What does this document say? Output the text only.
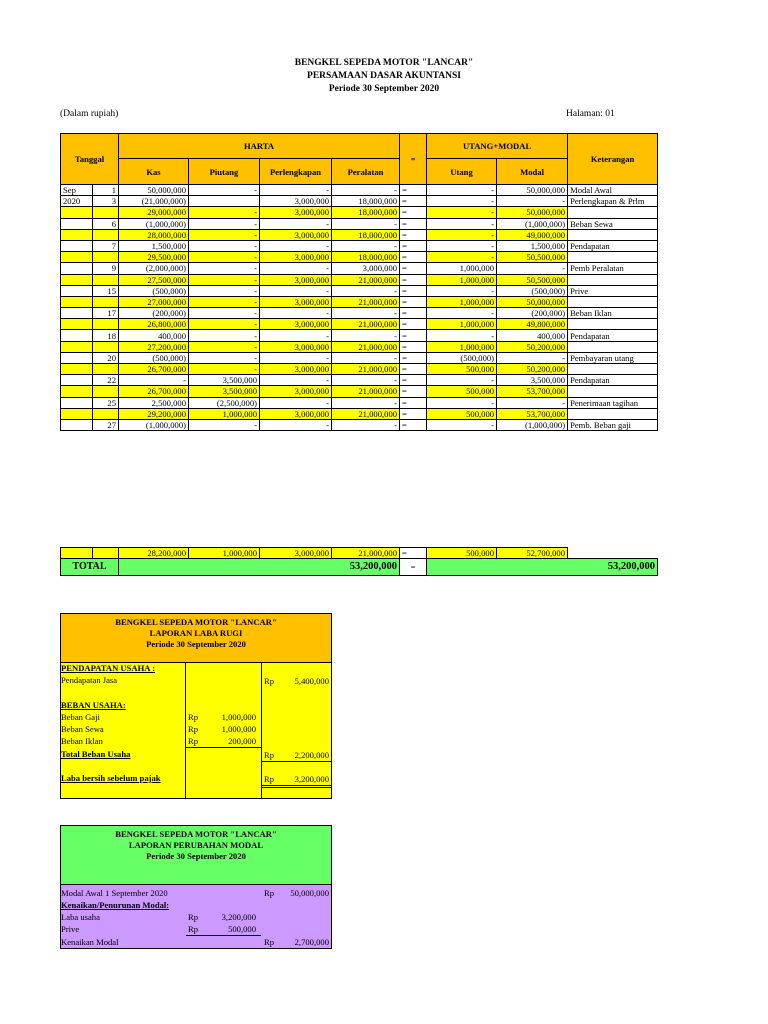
BENGKEL SEPEDA MOTOR "LANCAR"
PERSAMAAN DASAR AKUNTANSI
Periode 30 September 2020
(Dalam rupiah)	Halaman: 01
Tanggal		HARTA				=	UTANG+MODAL		Keterangan
		Kas	Piutang	Perlengkapan	Peralatan		Utang	Modal	
Sep	1	50,000,000	-	-	-	=	-	50,000,000	Modal Awal
2020	3	(21,000,000)		3,000,000	18,000,000	=	-	-	Perlengkapan & Prlm
		29,000,000	-	3,000,000	18,000,000	=	-	50,000,000	
	6	(1,000,000)	-	-	-	=	-	(1,000,000)	Beban Sewa
		28,000,000	-	3,000,000	18,000,000	=	-	49,000,000	
	7	1,500,000	-	-	-	=	-	1,500,000	Pendapatan
		29,500,000	-	3,000,000	18,000,000	=	-	50,500,000	
	9	(2,000,000)	-	-	3,000,000	=	1,000,000	-	Pemb Peralatan
		27,500,000	-	3,000,000	21,000,000	=	1,000,000	50,500,000	
	15	(500,000)	-	-	-	=	-	(500,000)	Prive
		27,000,000	-	3,000,000	21,000,000	=	1,000,000	50,000,000	
	17	(200,000)	-	-	-	=	-	(200,000)	Beban Iklan
		26,800,000	-	3,000,000	21,000,000	=	1,000,000	49,800,000	
	18	400,000	-	-	-	=	-	400,000	Pendapatan
		27,200,000	-	3,000,000	21,000,000	=	1,000,000	50,200,000	
	20	(500,000)	-	-	-	=	(500,000)	-	Pembayaran utang
		26,700,000	-	3,000,000	21,000,000	=	500,000	50,200,000	
	22	-	3,500,000	-	-	=	-	3,500,000	Pendapatan
		26,700,000	3,500,000	3,000,000	21,000,000	=	500,000	53,700,000	
	25	2,500,000	(2,500,000)	-	-	=	-	-	Penerimaan tagihan
		29,200,000	1,000,000	3,000,000	21,000,000	=	500,000	53,700,000	
	27	(1,000,000)	-	-	-	=	-	(1,000,000)	Pemb. Beban gaji
		28,200,000	1,000,000	3,000,000	21,000,000	=	500,000	52,700,000	
TOTAL		53,200,000				=	53,200,000		
BENGKEL SEPEDA MOTOR "LANCAR"
LAPORAN LABA RUGI
Periode 30 September 2020
PENDAPATAN USAHA :
Pendapatan Jasa	Rp	5,400,000
BEBAN USAHA:
Beban Gaji	Rp	1,000,000
Beban Sewa	Rp	1,000,000
Beban Iklan	Rp	200,000
Total Beban Usaha	Rp	2,200,000
Laba bersih sebelum pajak	Rp	3,200,000
BENGKEL SEPEDA MOTOR "LANCAR"
LAPORAN PERUBAHAN MODAL
Periode 30 September 2020
Modal Awal 1 September 2020	Rp	50,000,000
Kenaikan/Penurunan Modal:
Laba usaha	Rp	3,200,000
Prive	Rp	500,000
Kenaikan Modal	Rp	2,700,000
